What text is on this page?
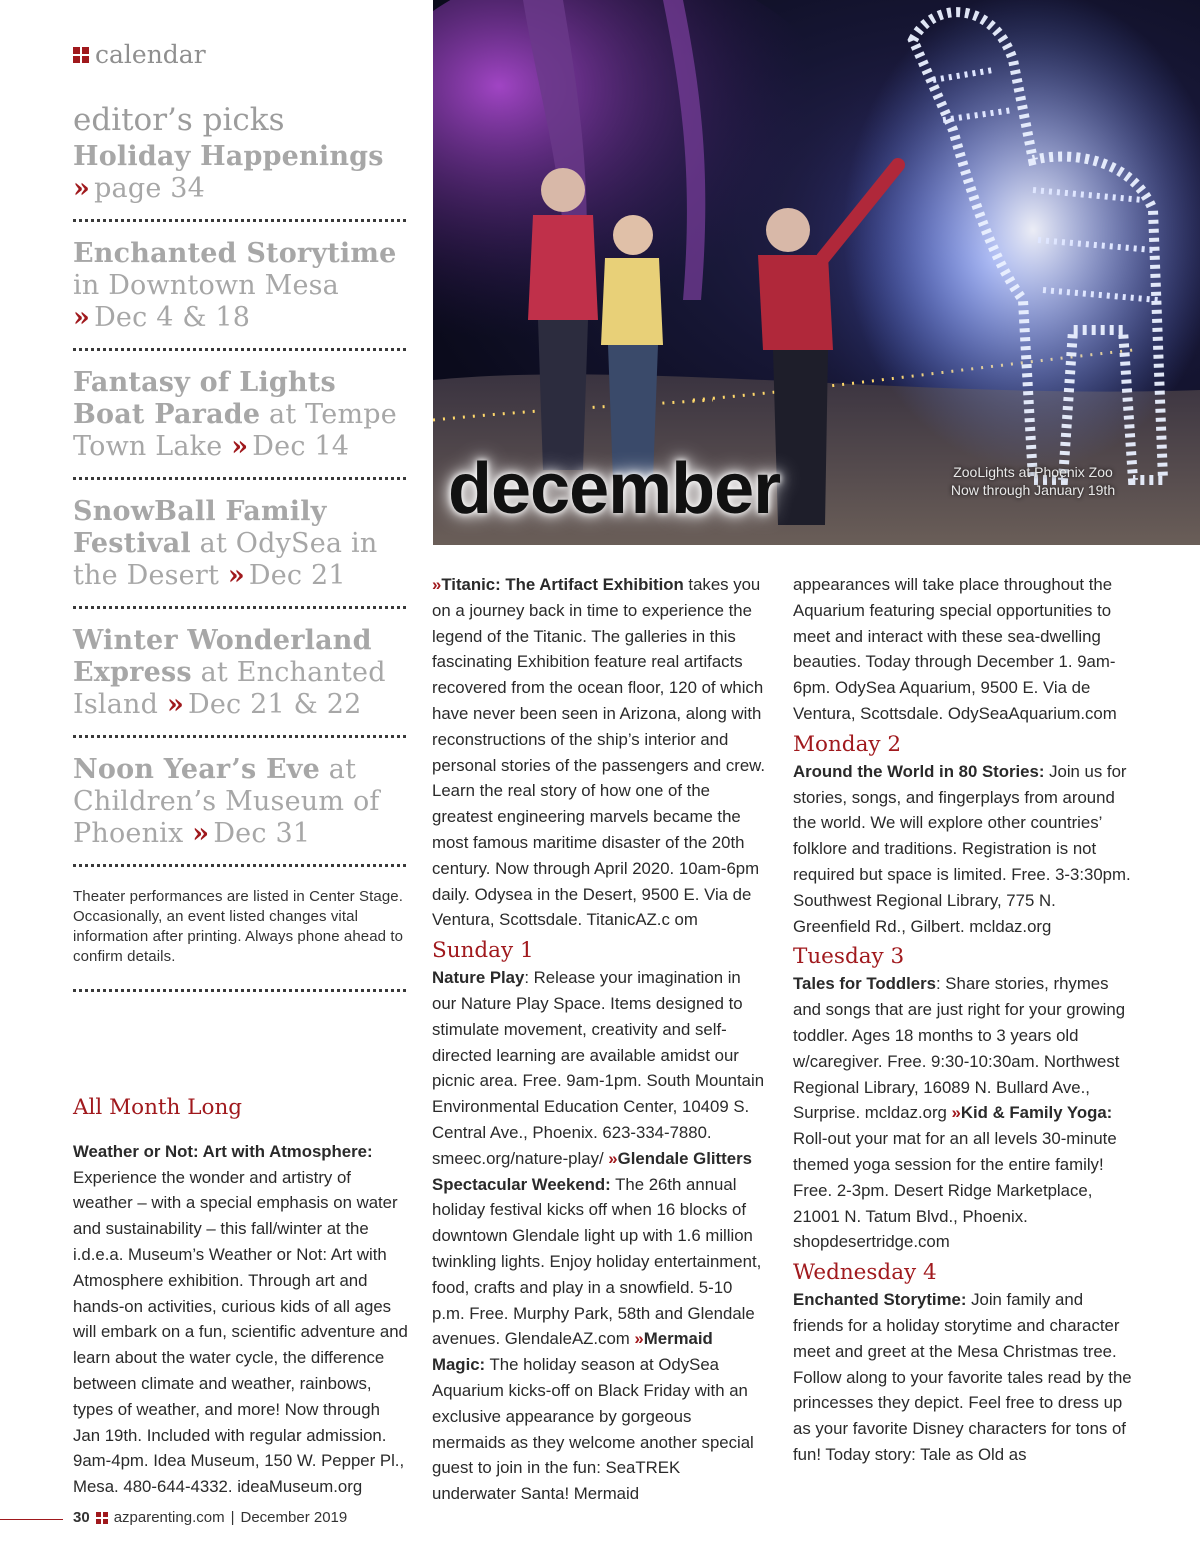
calendar
editor’s picks
Holiday Happenings
» page 34
Enchanted Storytime in Downtown Mesa
» Dec 4 & 18
Fantasy of Lights Boat Parade at Tempe Town Lake » Dec 14
SnowBall Family Festival at OdySea in the Desert » Dec 21
Winter Wonderland Express at Enchanted Island » Dec 21 & 22
Noon Year’s Eve at Children’s Museum of Phoenix » Dec 31
Theater performances are listed in Center Stage. Occasionally, an event listed changes vital information after printing. Always phone ahead to confirm details.
All Month Long

Weather or Not: Art with Atmosphere: Experience the wonder and artistry of weather – with a special emphasis on water and sustainability – this fall/winter at the i.d.e.a. Museum’s Weather or Not: Art with Atmosphere exhibition. Through art and hands-on activities, curious kids of all ages will embark on a fun, scientific adventure and learn about the water cycle, the difference between climate and weather, rainbows, types of weather, and more! Now through Jan 19th. Included with regular admission. 9am-4pm. Idea Museum, 150 W. Pepper Pl., Mesa. 480-644-4332. ideaMuseum.org

december	ZooLights at Phoenix Zoo Now through January 19th

»Titanic: The Artifact Exhibition takes you on a journey back in time to experience the legend of the Titanic. The galleries in this fascinating Exhibition feature real artifacts recovered from the ocean floor, 120 of which have never been seen in Arizona, along with reconstructions of the ship’s interior and personal stories of the passengers and crew. Learn the real story of how one of the greatest engineering marvels became the most famous maritime disaster of the 20th century. Now through April 2020. 10am-6pm daily. Odysea in the Desert, 9500 E. Via de Ventura, Scottsdale. TitanicAZ.c om

Sunday 1

Nature Play: Release your imagination in our Nature Play Space. Items designed to stimulate movement, creativity and self-directed learning are available amidst our picnic area. Free. 9am-1pm. South Mountain Environmental Education Center, 10409 S. Central Ave., Phoenix. 623-334-7880. smeec.org/nature-play/ »Glendale Glitters Spectacular Weekend: The 26th annual holiday festival kicks off when 16 blocks of downtown Glendale light up with 1.6 million twinkling lights. Enjoy holiday entertainment, food, crafts and play in a snowfield. 5-10 p.m. Free. Murphy Park, 58th and Glendale avenues. GlendaleAZ.com »Mermaid Magic: The holiday season at OdySea Aquarium kicks-off on Black Friday with an exclusive appearance by gorgeous mermaids as they welcome another special guest to join in the fun: SeaTREK underwater Santa! Mermaid

appearances will take place throughout the Aquarium featuring special opportunities to meet and interact with these sea-dwelling beauties. Today through December 1. 9am-6pm. OdySea Aquarium, 9500 E. Via de Ventura, Scottsdale. OdySeaAquarium.com

Monday 2

Around the World in 80 Stories: Join us for stories, songs, and fingerplays from around the world. We will explore other countries’ folklore and traditions. Registration is not required but space is limited. Free. 3-3:30pm. Southwest Regional Library, 775 N. Greenfield Rd., Gilbert. mcldaz.org

Tuesday 3

Tales for Toddlers: Share stories, rhymes and songs that are just right for your growing toddler. Ages 18 months to 3 years old w/caregiver. Free. 9:30-10:30am. Northwest Regional Library, 16089 N. Bullard Ave., Surprise. mcldaz.org »Kid & Family Yoga: Roll-out your mat for an all levels 30-minute themed yoga session for the entire family! Free. 2-3pm. Desert Ridge Marketplace, 21001 N. Tatum Blvd., Phoenix. shopdesertridge.com

Wednesday 4

Enchanted Storytime: Join family and friends for a holiday storytime and character meet and greet at the Mesa Christmas tree. Follow along to your favorite tales read by the princesses they depict. Feel free to dress up as your favorite Disney characters for tons of fun! Today story: Tale as Old as

30 azparenting.com | December 2019
